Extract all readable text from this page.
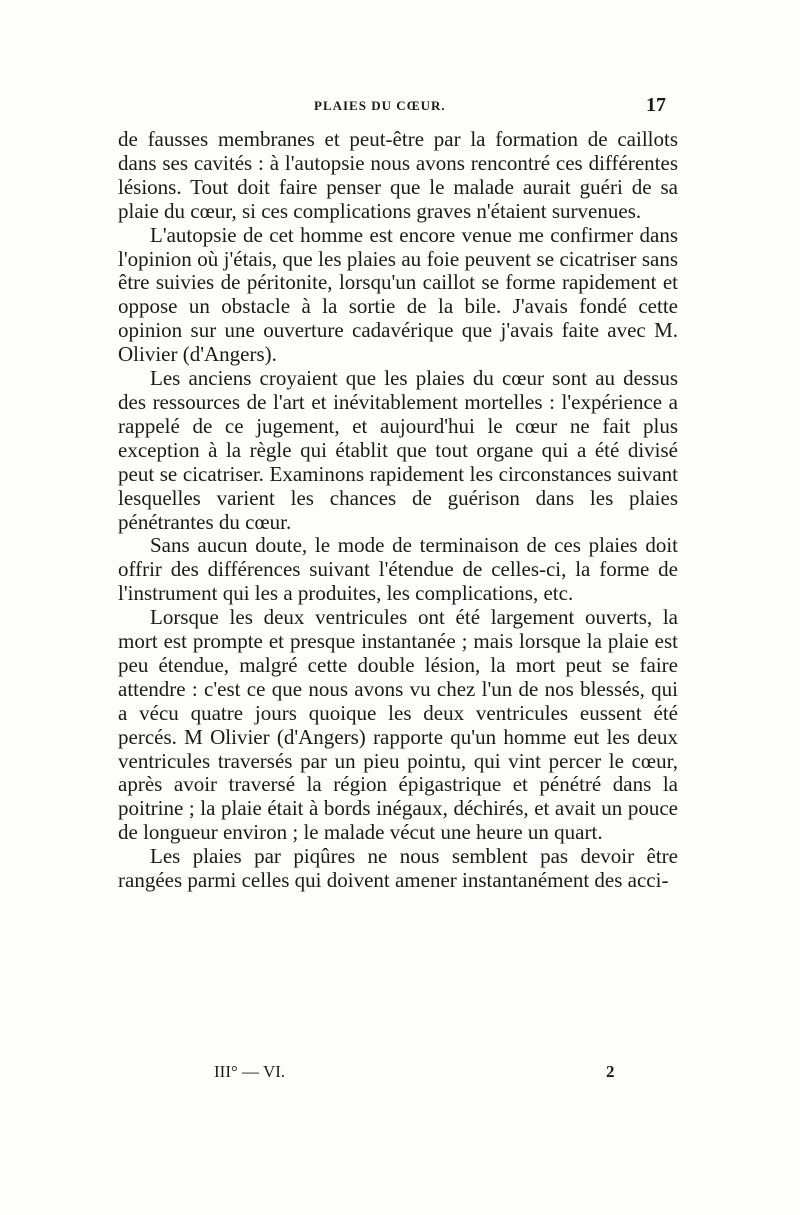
PLAIES DU CŒUR.	17

de fausses membranes et peut-être par la formation de caillots dans ses cavités : à l'autopsie nous avons rencontré ces différentes lésions. Tout doit faire penser que le malade aurait guéri de sa plaie du cœur, si ces complications graves n'étaient survenues.

L'autopsie de cet homme est encore venue me confirmer dans l'opinion où j'étais, que les plaies au foie peuvent se cicatriser sans être suivies de péritonite, lorsqu'un caillot se forme rapidement et oppose un obstacle à la sortie de la bile. J'avais fondé cette opinion sur une ouverture cadavérique que j'avais faite avec M. Olivier (d'Angers).

Les anciens croyaient que les plaies du cœur sont au dessus des ressources de l'art et inévitablement mortelles : l'expérience a rappelé de ce jugement, et aujourd'hui le cœur ne fait plus exception à la règle qui établit que tout organe qui a été divisé peut se cicatriser. Examinons rapidement les circonstances suivant lesquelles varient les chances de guérison dans les plaies pénétrantes du cœur.

Sans aucun doute, le mode de terminaison de ces plaies doit offrir des différences suivant l'étendue de celles-ci, la forme de l'instrument qui les a produites, les complications, etc.

Lorsque les deux ventricules ont été largement ouverts, la mort est prompte et presque instantanée ; mais lorsque la plaie est peu étendue, malgré cette double lésion, la mort peut se faire attendre : c'est ce que nous avons vu chez l'un de nos blessés, qui a vécu quatre jours quoique les deux ventricules eussent été percés. M Olivier (d'Angers) rapporte qu'un homme eut les deux ventricules traversés par un pieu pointu, qui vint percer le cœur, après avoir traversé la région épigastrique et pénétré dans la poitrine ; la plaie était à bords inégaux, déchirés, et avait un pouce de longueur environ ; le malade vécut une heure un quart.

Les plaies par piqûres ne nous semblent pas devoir être rangées parmi celles qui doivent amener instantanément des acci-

III° — VI.	2
